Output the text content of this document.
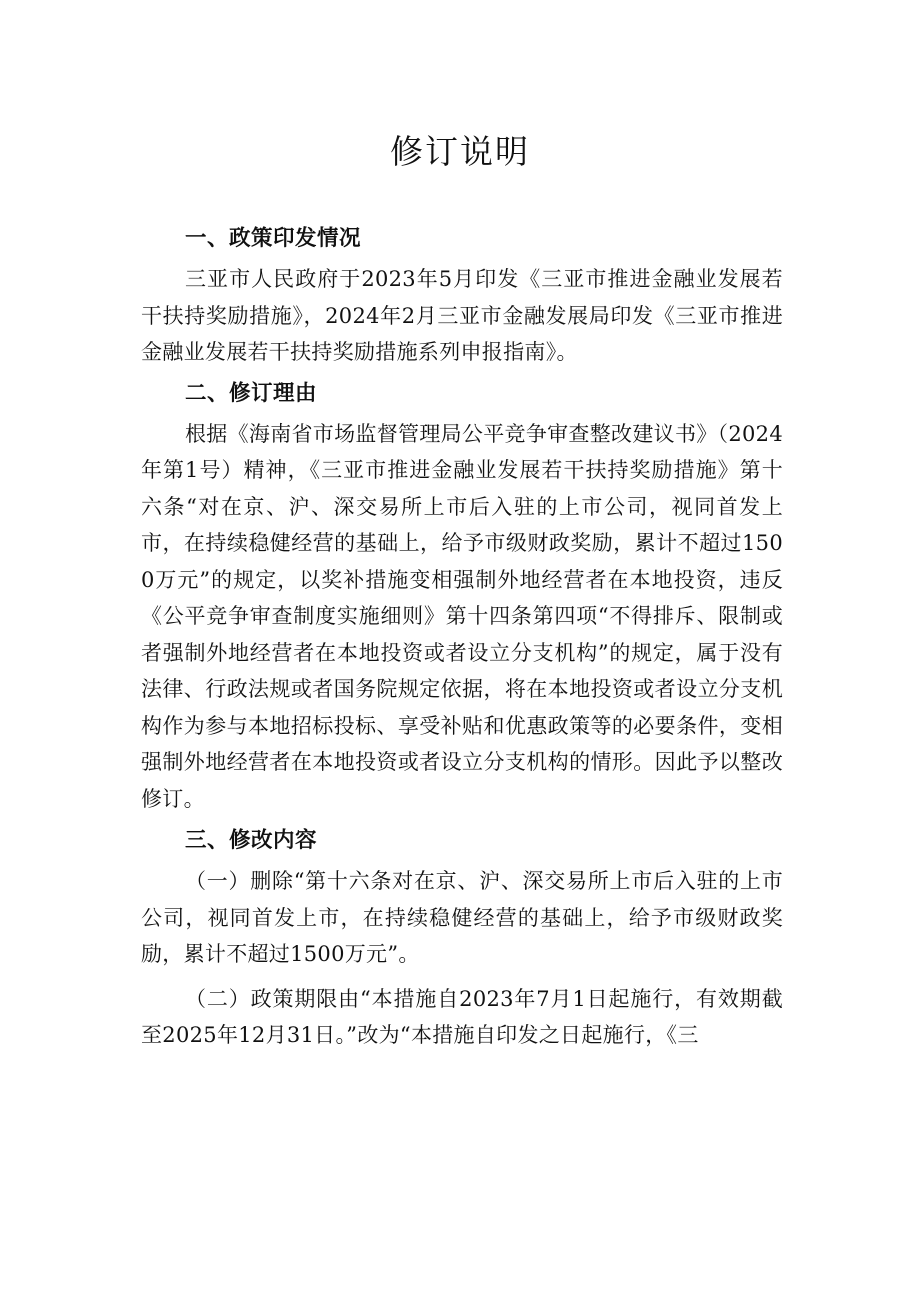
修订说明
一、政策印发情况

三亚市人民政府于2023年5月印发《三亚市推进金融业发展若干扶持奖励措施》，2024年2月三亚市金融发展局印发《三亚市推进金融业发展若干扶持奖励措施系列申报指南》。

二、修订理由

根据《海南省市场监督管理局公平竞争审查整改建议书》（2024年第1号）精神，《三亚市推进金融业发展若干扶持奖励措施》第十六条“对在京、沪、深交易所上市后入驻的上市公司，视同首发上市，在持续稳健经营的基础上，给予市级财政奖励，累计不超过1500万元”的规定，以奖补措施变相强制外地经营者在本地投资，违反《公平竞争审查制度实施细则》第十四条第四项“不得排斥、限制或者强制外地经营者在本地投资或者设立分支机构”的规定，属于没有法律、行政法规或者国务院规定依据，将在本地投资或者设立分支机构作为参与本地招标投标、享受补贴和优惠政策等的必要条件，变相强制外地经营者在本地投资或者设立分支机构的情形。因此予以整改修订。

三、修改内容

（一）删除“第十六条对在京、沪、深交易所上市后入驻的上市公司，视同首发上市，在持续稳健经营的基础上，给予市级财政奖励，累计不超过1500万元”。

（二）政策期限由“本措施自2023年7月1日起施行，有效期截至2025年12月31日。”改为“本措施自印发之日起施行，《三
